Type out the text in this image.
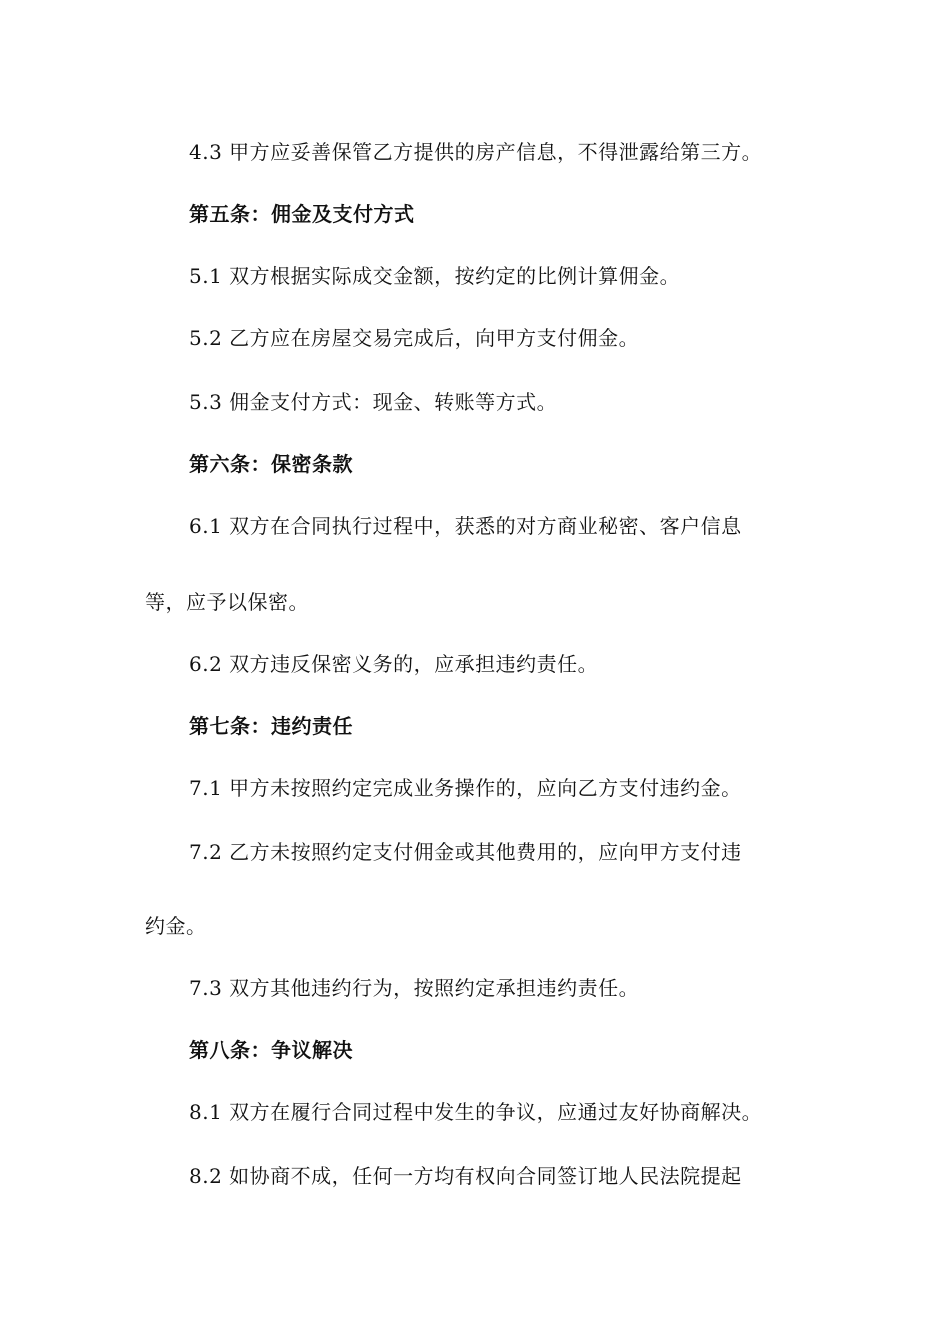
4.3 甲方应妥善保管乙方提供的房产信息，不得泄露给第三方。
第五条：佣金及支付方式
5.1 双方根据实际成交金额，按约定的比例计算佣金。
5.2 乙方应在房屋交易完成后，向甲方支付佣金。
5.3 佣金支付方式：现金、转账等方式。
第六条：保密条款
6.1 双方在合同执行过程中，获悉的对方商业秘密、客户信息
等，应予以保密。
6.2 双方违反保密义务的，应承担违约责任。
第七条：违约责任
7.1 甲方未按照约定完成业务操作的，应向乙方支付违约金。
7.2 乙方未按照约定支付佣金或其他费用的，应向甲方支付违
约金。
7.3 双方其他违约行为，按照约定承担违约责任。
第八条：争议解决
8.1 双方在履行合同过程中发生的争议，应通过友好协商解决。
8.2 如协商不成，任何一方均有权向合同签订地人民法院提起
